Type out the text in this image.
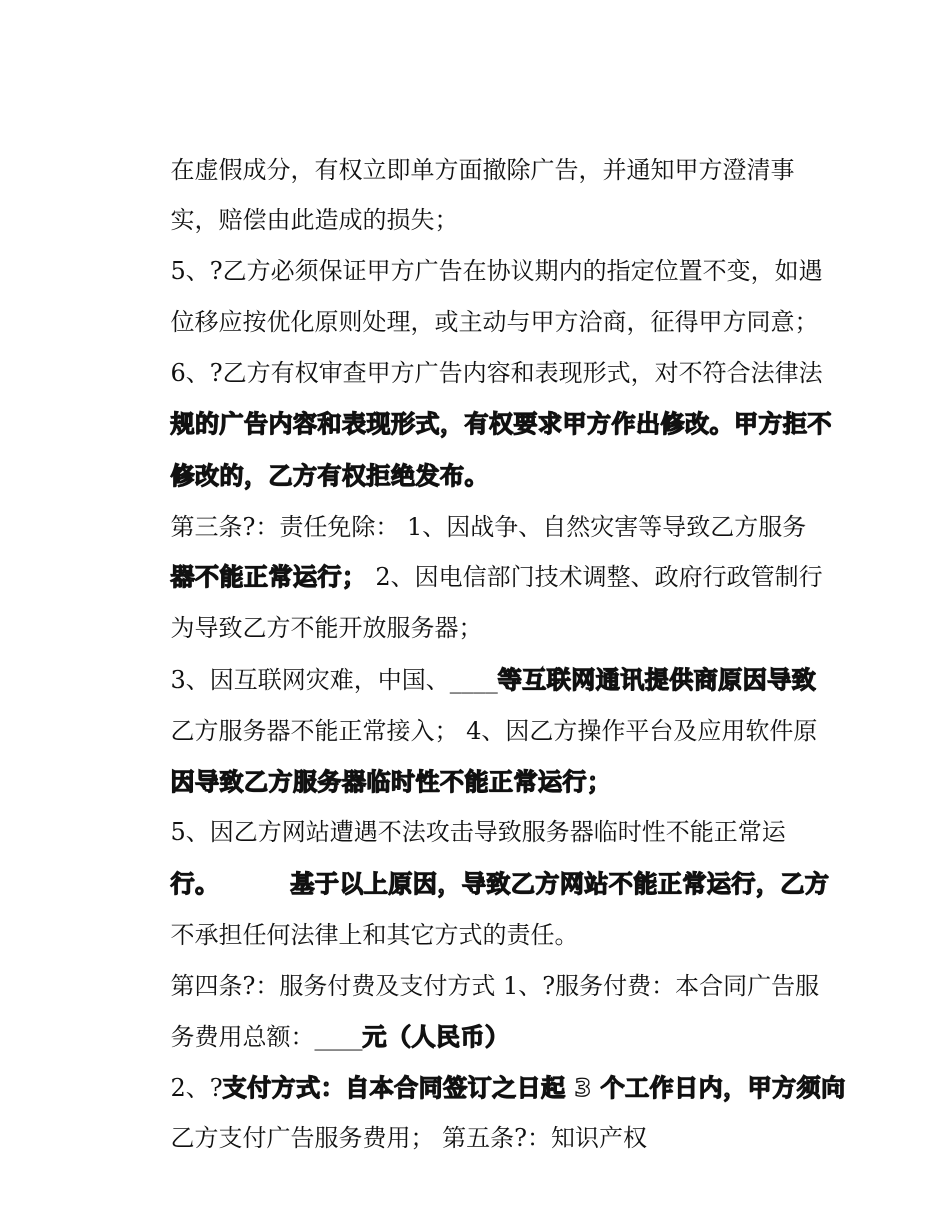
在虚假成分，有权立即单方面撤除广告，并通知甲方澄清事

实，赔偿由此造成的损失；

5、?乙方必须保证甲方广告在协议期内的指定位置不变，如遇

位移应按优化原则处理，或主动与甲方洽商，征得甲方同意；

6、?乙方有权审查甲方广告内容和表现形式，对不符合法律法

规的广告内容和表现形式，有权要求甲方作出修改。甲方拒不

修改的，乙方有权拒绝发布。

第三条?：责任免除： 1、因战争、自然灾害等导致乙方服务

器不能正常运行； 2、因电信部门技术调整、政府行政管制行

为导致乙方不能开放服务器；

3、因互联网灾难，中国、____等互联网通讯提供商原因导致

乙方服务器不能正常接入； 4、因乙方操作平台及应用软件原

因导致乙方服务器临时性不能正常运行；

5、因乙方网站遭遇不法攻击导致服务器临时性不能正常运

行。        基于以上原因，导致乙方网站不能正常运行，乙方

不承担任何法律上和其它方式的责任。

第四条?：服务付费及支付方式 1、?服务付费：本合同广告服

务费用总额：____元（人民币）

2、?支付方式：自本合同签订之日起 3 个工作日内，甲方须向

乙方支付广告服务费用； 第五条?：知识产权
